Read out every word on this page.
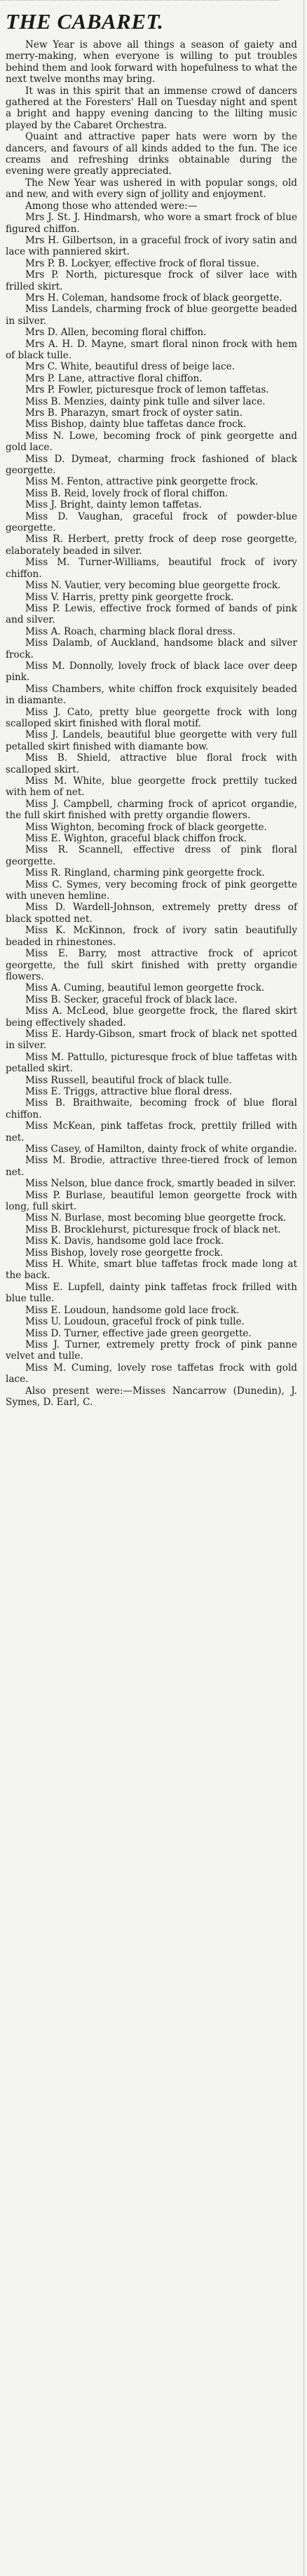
▔▔▔▔▔▔▔▔▔▔▔▔▔▔▔▔▔▔▔▔▔▔▔▔▔▔▔▔▔▔▔▔▔▔▔▔▔▔▔
THE CABARET.

New Year is above all things a season of gaiety and merry-making, when everyone is willing to put troubles behind them and look forward with hopefulness to what the next twelve months may bring.

It was in this spirit that an immense crowd of dancers gathered at the Foresters' Hall on Tuesday night and spent a bright and happy evening dancing to the lilting music played by the Cabaret Orchestra.

Quaint and attractive paper hats were worn by the dancers, and favours of all kinds added to the fun. The ice creams and refreshing drinks obtainable during the evening were greatly appreciated.

The New Year was ushered in with popular songs, old and new, and with every sign of jollity and enjoyment.

Among those who attended were:—

Mrs J. St. J. Hindmarsh, who wore a smart frock of blue figured chiffon.

Mrs H. Gilbertson, in a graceful frock of ivory satin and lace with panniered skirt.

Mrs P. B. Lockyer, effective frock of floral tissue.

Mrs P. North, picturesque frock of silver lace with frilled skirt.

Mrs H. Coleman, handsome frock of black georgette.

Miss Landels, charming frock of blue georgette beaded in silver.

Mrs D. Allen, becoming floral chiffon.

Mrs A. H. D. Mayne, smart floral ninon frock with hem of black tulle.

Mrs C. White, beautiful dress of beige lace.

Mrs P. Lane, attractive floral chiffon.

Mrs P. Fowler, picturesque frock of lemon taffetas.

Miss B. Menzies, dainty pink tulle and silver lace.

Mrs B. Pharazyn, smart frock of oyster satin.

Miss Bishop, dainty blue taffetas dance frock.

Miss N. Lowe, becoming frock of pink georgette and gold lace.

Miss D. Dymeat, charming frock fashioned of black georgette.

Miss M. Fenton, attractive pink georgette frock.

Miss B. Reid, lovely frock of floral chiffon.

Miss J. Bright, dainty lemon taffetas.

Miss D. Vaughan, graceful frock of powder-blue georgette.

Miss R. Herbert, pretty frock of deep rose georgette, elaborately beaded in silver.

Miss M. Turner-Williams, beautiful frock of ivory chiffon.

Miss N. Vautier, very becoming blue georgette frock.

Miss V. Harris, pretty pink georgette frock.

Miss P. Lewis, effective frock formed of bands of pink and silver.

Miss A. Roach, charming black floral dress.

Miss Dalamb, of Auckland, handsome black and silver frock.

Miss M. Donnolly, lovely frock of black lace over deep pink.

Miss Chambers, white chiffon frock exquisitely beaded in diamante.

Miss J. Cato, pretty blue georgette frock with long scalloped skirt finished with floral motif.

Miss J. Landels, beautiful blue georgette with very full petalled skirt finished with diamante bow.

Miss B. Shield, attractive blue floral frock with scalloped skirt.

Miss M. White, blue georgette frock prettily tucked with hem of net.

Miss J. Campbell, charming frock of apricot organdie, the full skirt finished with pretty organdie flowers.

Miss Wighton, becoming frock of black georgette.

Miss E. Wighton, graceful black chiffon frock.

Miss R. Scannell, effective dress of pink floral georgette.

Miss R. Ringland, charming pink georgette frock.

Miss C. Symes, very becoming frock of pink georgette with uneven hemline.

Miss D. Wardell-Johnson, extremely pretty dress of black spotted net.

Miss K. McKinnon, frock of ivory satin beautifully beaded in rhinestones.

Miss E. Barry, most attractive frock of apricot georgette, the full skirt finished with pretty organdie flowers.

Miss A. Cuming, beautiful lemon georgette frock.

Miss B. Secker, graceful frock of black lace.

Miss A. McLeod, blue georgette frock, the flared skirt being effectively shaded.

Miss E. Hardy-Gibson, smart frock of black net spotted in silver.

Miss M. Pattullo, picturesque frock of blue taffetas with petalled skirt.

Miss Russell, beautiful frock of black tulle.

Miss E. Triggs, attractive blue floral dress.

Miss B. Braithwaite, becoming frock of blue floral chiffon.

Miss McKean, pink taffetas frock, prettily frilled with net.

Miss Casey, of Hamilton, dainty frock of white organdie.

Miss M. Brodie, attractive three-tiered frock of lemon net.

Miss Nelson, blue dance frock, smartly beaded in silver.

Miss P. Burlase, beautiful lemon georgette frock with long, full skirt.

Miss N. Burlase, most becoming blue georgette frock.

Miss B. Brocklehurst, picturesque frock of black net.

Miss K. Davis, handsome gold lace frock.

Miss Bishop, lovely rose georgette frock.

Miss H. White, smart blue taffetas frock made long at the back.

Miss E. Lupfell, dainty pink taffetas frock frilled with blue tulle.

Miss E. Loudoun, handsome gold lace frock.

Miss U. Loudoun, graceful frock of pink tulle.

Miss D. Turner, effective jade green georgette.

Miss J. Turner, extremely pretty frock of pink panne velvet and tulle.

Miss M. Cuming, lovely rose taffetas frock with gold lace.

Also present were:—Misses Nancarrow (Dunedin), J. Symes, D. Earl, C.
